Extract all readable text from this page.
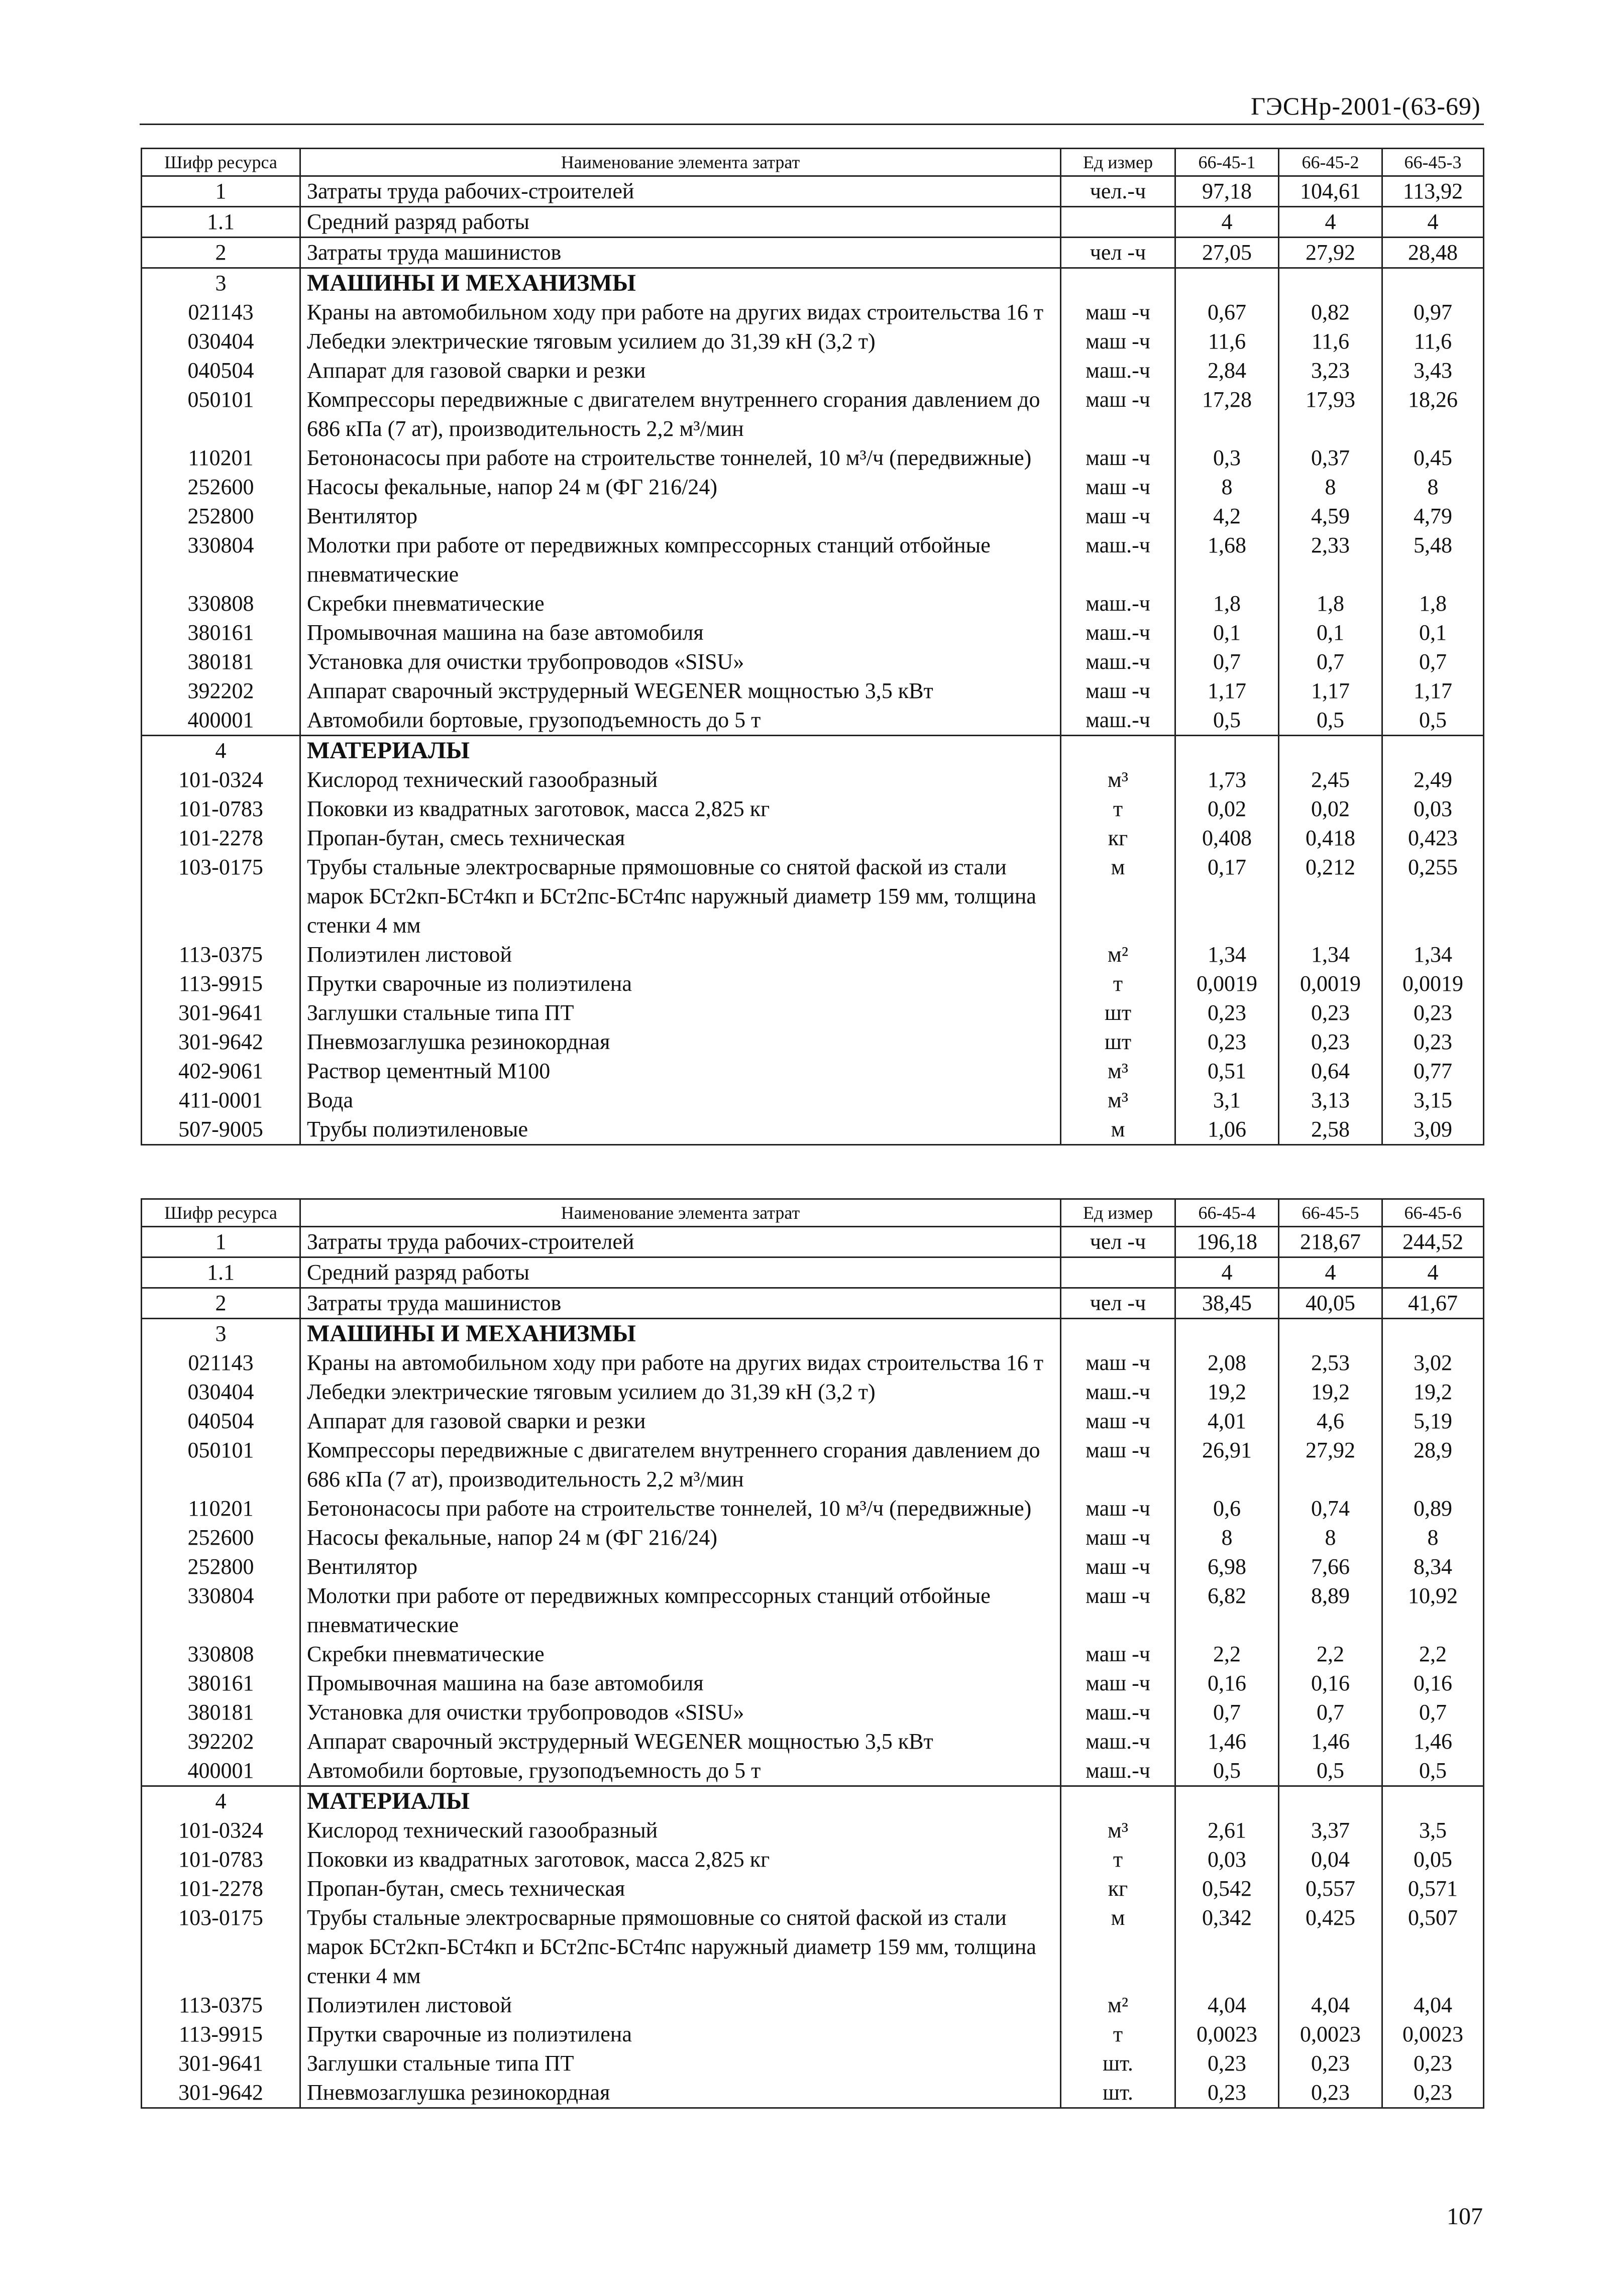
ГЭСНр-2001-(63-69)
Шифр ресурса	Наименование элемента затрат	Ед измер	66-45-1	66-45-2	66-45-3
1	Затраты труда рабочих-строителей	чел.-ч	97,18	104,61	113,92
1.1	Средний разряд работы		4	4	4
2	Затраты труда машинистов	чел -ч	27,05	27,92	28,48
3	МАШИНЫ И МЕХАНИЗМЫ				
021143	Краны на автомобильном ходу при работе на других видах строительства 16 т	маш -ч	0,67	0,82	0,97
030404	Лебедки электрические тяговым усилием до 31,39 кН (3,2 т)	маш -ч	11,6	11,6	11,6
040504	Аппарат для газовой сварки и резки	маш.-ч	2,84	3,23	3,43
050101	Компрессоры передвижные с двигателем внутреннего сгорания давлением до 686 кПа (7 ат), производительность 2,2 м³/мин	маш -ч	17,28	17,93	18,26
110201	Бетононасосы при работе на строительстве тоннелей, 10 м³/ч (передвижные)	маш -ч	0,3	0,37	0,45
252600	Насосы фекальные, напор 24 м (ФГ 216/24)	маш -ч	8	8	8
252800	Вентилятор	маш -ч	4,2	4,59	4,79
330804	Молотки при работе от передвижных компрессорных станций отбойные пневматические	маш.-ч	1,68	2,33	5,48
330808	Скребки пневматические	маш.-ч	1,8	1,8	1,8
380161	Промывочная машина на базе автомобиля	маш.-ч	0,1	0,1	0,1
380181	Установка для очистки трубопроводов «SISU»	маш.-ч	0,7	0,7	0,7
392202	Аппарат сварочный экструдерный WEGENER мощностью 3,5 кВт	маш -ч	1,17	1,17	1,17
400001	Автомобили бортовые, грузоподъемность до 5 т	маш.-ч	0,5	0,5	0,5
4	МАТЕРИАЛЫ				
101-0324	Кислород технический газообразный	м³	1,73	2,45	2,49
101-0783	Поковки из квадратных заготовок, масса 2,825 кг	т	0,02	0,02	0,03
101-2278	Пропан-бутан, смесь техническая	кг	0,408	0,418	0,423
103-0175	Трубы стальные электросварные прямошовные со снятой фаской из стали марок БСт2кп-БСт4кп и БСт2пс-БСт4пс наружный диаметр 159 мм, толщина стенки 4 мм	м	0,17	0,212	0,255
113-0375	Полиэтилен листовой	м²	1,34	1,34	1,34
113-9915	Прутки сварочные из полиэтилена	т	0,0019	0,0019	0,0019
301-9641	Заглушки стальные типа ПТ	шт	0,23	0,23	0,23
301-9642	Пневмозаглушка резинокордная	шт	0,23	0,23	0,23
402-9061	Раствор цементный М100	м³	0,51	0,64	0,77
411-0001	Вода	м³	3,1	3,13	3,15
507-9005	Трубы полиэтиленовые	м	1,06	2,58	3,09
Шифр ресурса	Наименование элемента затрат	Ед измер	66-45-4	66-45-5	66-45-6
1	Затраты труда рабочих-строителей	чел -ч	196,18	218,67	244,52
1.1	Средний разряд работы		4	4	4
2	Затраты труда машинистов	чел -ч	38,45	40,05	41,67
3	МАШИНЫ И МЕХАНИЗМЫ				
021143	Краны на автомобильном ходу при работе на других видах строительства 16 т	маш -ч	2,08	2,53	3,02
030404	Лебедки электрические тяговым усилием до 31,39 кН (3,2 т)	маш.-ч	19,2	19,2	19,2
040504	Аппарат для газовой сварки и резки	маш -ч	4,01	4,6	5,19
050101	Компрессоры передвижные с двигателем внутреннего сгорания давлением до 686 кПа (7 ат), производительность 2,2 м³/мин	маш -ч	26,91	27,92	28,9
110201	Бетононасосы при работе на строительстве тоннелей, 10 м³/ч (передвижные)	маш -ч	0,6	0,74	0,89
252600	Насосы фекальные, напор 24 м (ФГ 216/24)	маш -ч	8	8	8
252800	Вентилятор	маш -ч	6,98	7,66	8,34
330804	Молотки при работе от передвижных компрессорных станций отбойные пневматические	маш -ч	6,82	8,89	10,92
330808	Скребки пневматические	маш -ч	2,2	2,2	2,2
380161	Промывочная машина на базе автомобиля	маш -ч	0,16	0,16	0,16
380181	Установка для очистки трубопроводов «SISU»	маш.-ч	0,7	0,7	0,7
392202	Аппарат сварочный экструдерный WEGENER мощностью 3,5 кВт	маш.-ч	1,46	1,46	1,46
400001	Автомобили бортовые, грузоподъемность до 5 т	маш.-ч	0,5	0,5	0,5
4	МАТЕРИАЛЫ				
101-0324	Кислород технический газообразный	м³	2,61	3,37	3,5
101-0783	Поковки из квадратных заготовок, масса 2,825 кг	т	0,03	0,04	0,05
101-2278	Пропан-бутан, смесь техническая	кг	0,542	0,557	0,571
103-0175	Трубы стальные электросварные прямошовные со снятой фаской из стали марок БСт2кп-БСт4кп и БСт2пс-БСт4пс наружный диаметр 159 мм, толщина стенки 4 мм	м	0,342	0,425	0,507
113-0375	Полиэтилен листовой	м²	4,04	4,04	4,04
113-9915	Прутки сварочные из полиэтилена	т	0,0023	0,0023	0,0023
301-9641	Заглушки стальные типа ПТ	шт.	0,23	0,23	0,23
301-9642	Пневмозаглушка резинокордная	шт.	0,23	0,23	0,23
107
